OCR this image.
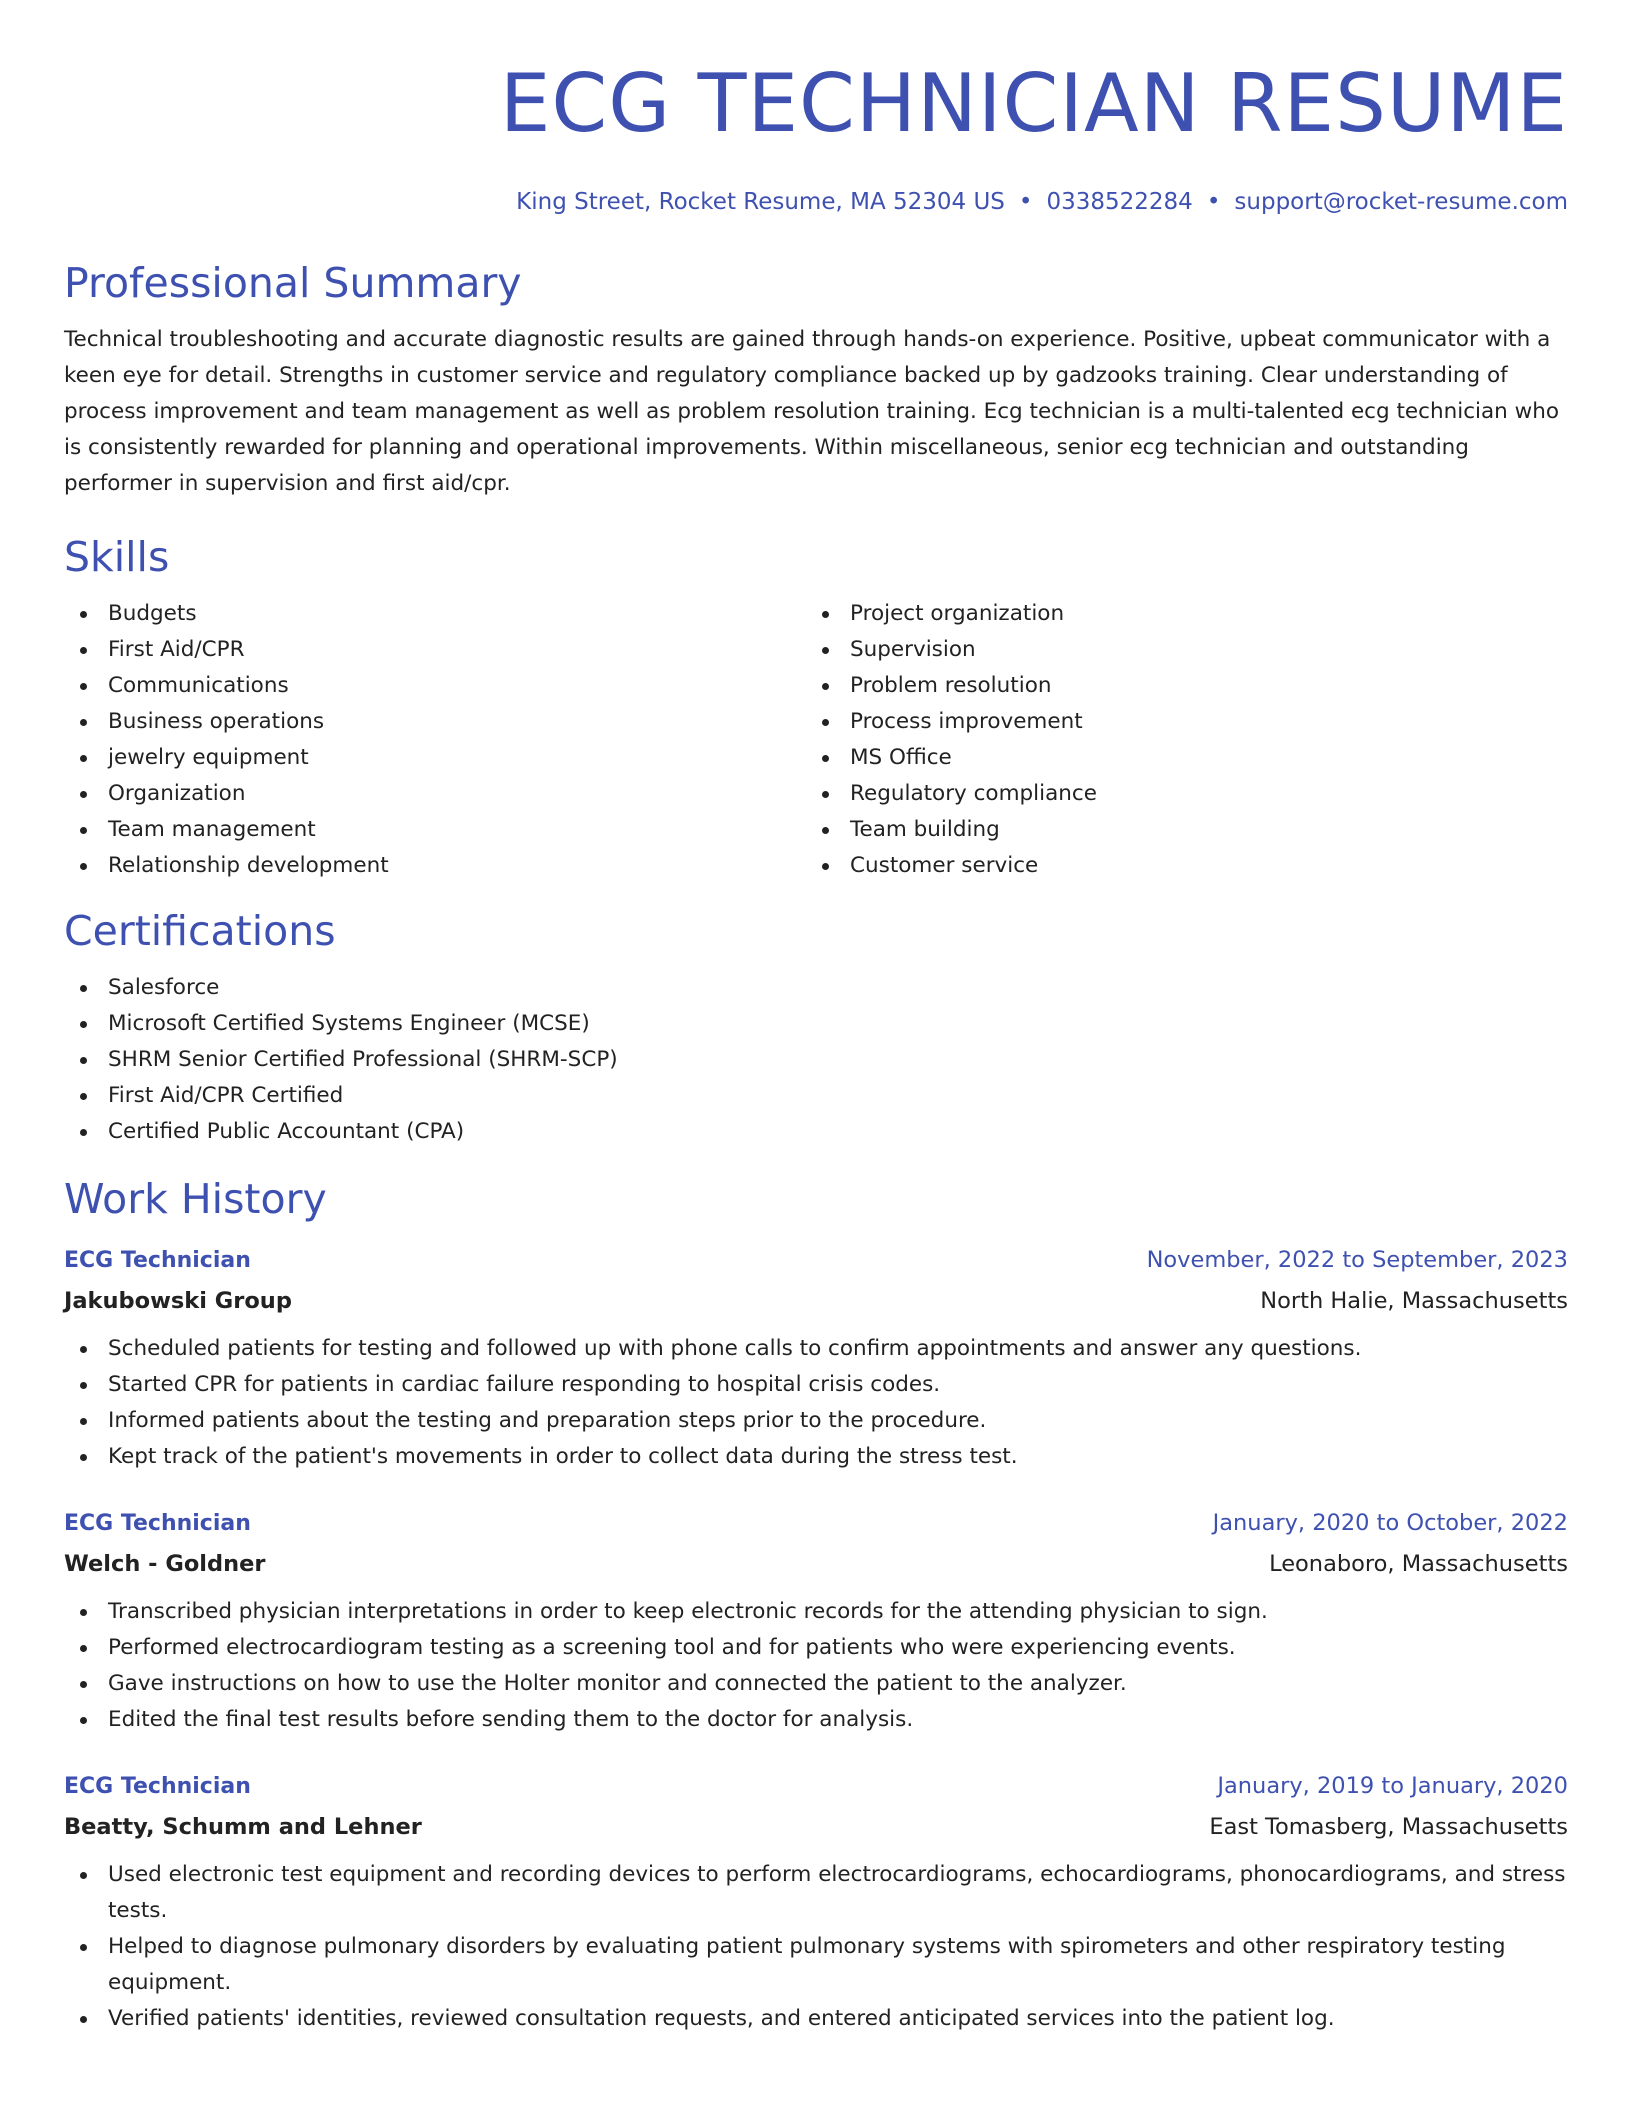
ECG TECHNICIAN RESUME
King Street, Rocket Resume, MA 52304 US • 0338522284 • support@rocket-resume.com
Professional Summary
Technical troubleshooting and accurate diagnostic results are gained through hands-on experience. Positive, upbeat communicator with a keen eye for detail. Strengths in customer service and regulatory compliance backed up by gadzooks training. Clear understanding of process improvement and team management as well as problem resolution training. Ecg technician is a multi-talented ecg technician who is consistently rewarded for planning and operational improvements. Within miscellaneous, senior ecg technician and outstanding performer in supervision and first aid/cpr.
Skills
Budgets
First Aid/CPR
Communications
Business operations
jewelry equipment
Organization
Team management
Relationship development
Project organization
Supervision
Problem resolution
Process improvement
MS Office
Regulatory compliance
Team building
Customer service
Certifications
Salesforce
Microsoft Certified Systems Engineer (MCSE)
SHRM Senior Certified Professional (SHRM-SCP)
First Aid/CPR Certified
Certified Public Accountant (CPA)
Work History
ECG Technician	November, 2022 to September, 2023
Jakubowski Group	North Halie, Massachusetts
Scheduled patients for testing and followed up with phone calls to confirm appointments and answer any questions.
Started CPR for patients in cardiac failure responding to hospital crisis codes.
Informed patients about the testing and preparation steps prior to the procedure.
Kept track of the patient's movements in order to collect data during the stress test.
ECG Technician	January, 2020 to October, 2022
Welch - Goldner	Leonaboro, Massachusetts
Transcribed physician interpretations in order to keep electronic records for the attending physician to sign.
Performed electrocardiogram testing as a screening tool and for patients who were experiencing events.
Gave instructions on how to use the Holter monitor and connected the patient to the analyzer.
Edited the final test results before sending them to the doctor for analysis.
ECG Technician	January, 2019 to January, 2020
Beatty, Schumm and Lehner	East Tomasberg, Massachusetts
Used electronic test equipment and recording devices to perform electrocardiograms, echocardiograms, phonocardiograms, and stress tests.
Helped to diagnose pulmonary disorders by evaluating patient pulmonary systems with spirometers and other respiratory testing equipment.
Verified patients' identities, reviewed consultation requests, and entered anticipated services into the patient log.
